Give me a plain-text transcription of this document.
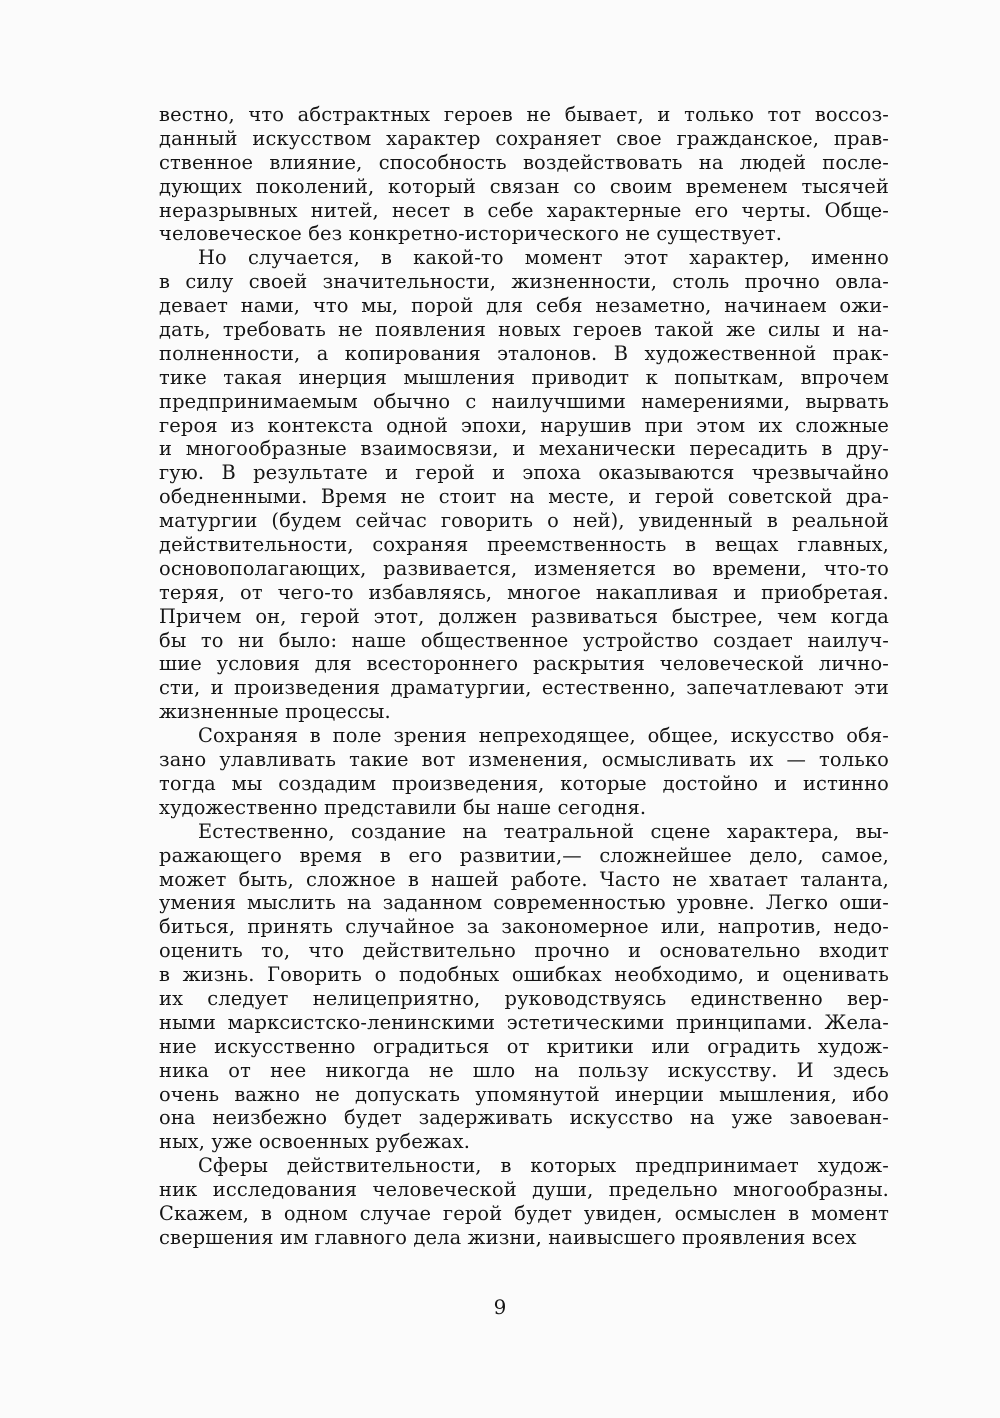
вестно, что абстрактных героев не бывает, и только тот воссоз-
данный искусством характер сохраняет свое гражданское, прав-
ственное влияние, способность воздействовать на людей после-
дующих поколений, который связан со своим временем тысячей
неразрывных нитей, несет в себе характерные его черты. Обще-
человеческое без конкретно-исторического не существует.
Но случается, в какой-то момент этот характер, именно
в силу своей значительности, жизненности, столь прочно овла-
девает нами, что мы, порой для себя незаметно, начинаем ожи-
дать, требовать не появления новых героев такой же силы и на-
полненности, а копирования эталонов. В художественной прак-
тике такая инерция мышления приводит к попыткам, впрочем
предпринимаемым обычно с наилучшими намерениями, вырвать
героя из контекста одной эпохи, нарушив при этом их сложные
и многообразные взаимосвязи, и механически пересадить в дру-
гую. В результате и герой и эпоха оказываются чрезвычайно
обедненными. Время не стоит на месте, и герой советской дра-
матургии (будем сейчас говорить о ней), увиденный в реальной
действительности, сохраняя преемственность в вещах главных,
основополагающих, развивается, изменяется во времени, что-то
теряя, от чего-то избавляясь, многое накапливая и приобретая.
Причем он, герой этот, должен развиваться быстрее, чем когда
бы то ни было: наше общественное устройство создает наилуч-
шие условия для всестороннего раскрытия человеческой лично-
сти, и произведения драматургии, естественно, запечатлевают эти
жизненные процессы.
Сохраняя в поле зрения непреходящее, общее, искусство обя-
зано улавливать такие вот изменения, осмысливать их — только
тогда мы создадим произведения, которые достойно и истинно
художественно представили бы наше сегодня.
Естественно, создание на театральной сцене характера, вы-
ражающего время в его развитии,— сложнейшее дело, самое,
может быть, сложное в нашей работе. Часто не хватает таланта,
умения мыслить на заданном современностью уровне. Легко оши-
биться, принять случайное за закономерное или, напротив, недо-
оценить то, что действительно прочно и основательно входит
в жизнь. Говорить о подобных ошибках необходимо, и оценивать
их следует нелицеприятно, руководствуясь единственно вер-
ными марксистско-ленинскими эстетическими принципами. Жела-
ние искусственно оградиться от критики или оградить худож-
ника от нее никогда не шло на пользу искусству. И здесь
очень важно не допускать упомянутой инерции мышления, ибо
она неизбежно будет задерживать искусство на уже завоеван-
ных, уже освоенных рубежах.
Сферы действительности, в которых предпринимает худож-
ник исследования человеческой души, предельно многообразны.
Скажем, в одном случае герой будет увиден, осмыслен в момент
свершения им главного дела жизни, наивысшего проявления всех
9
